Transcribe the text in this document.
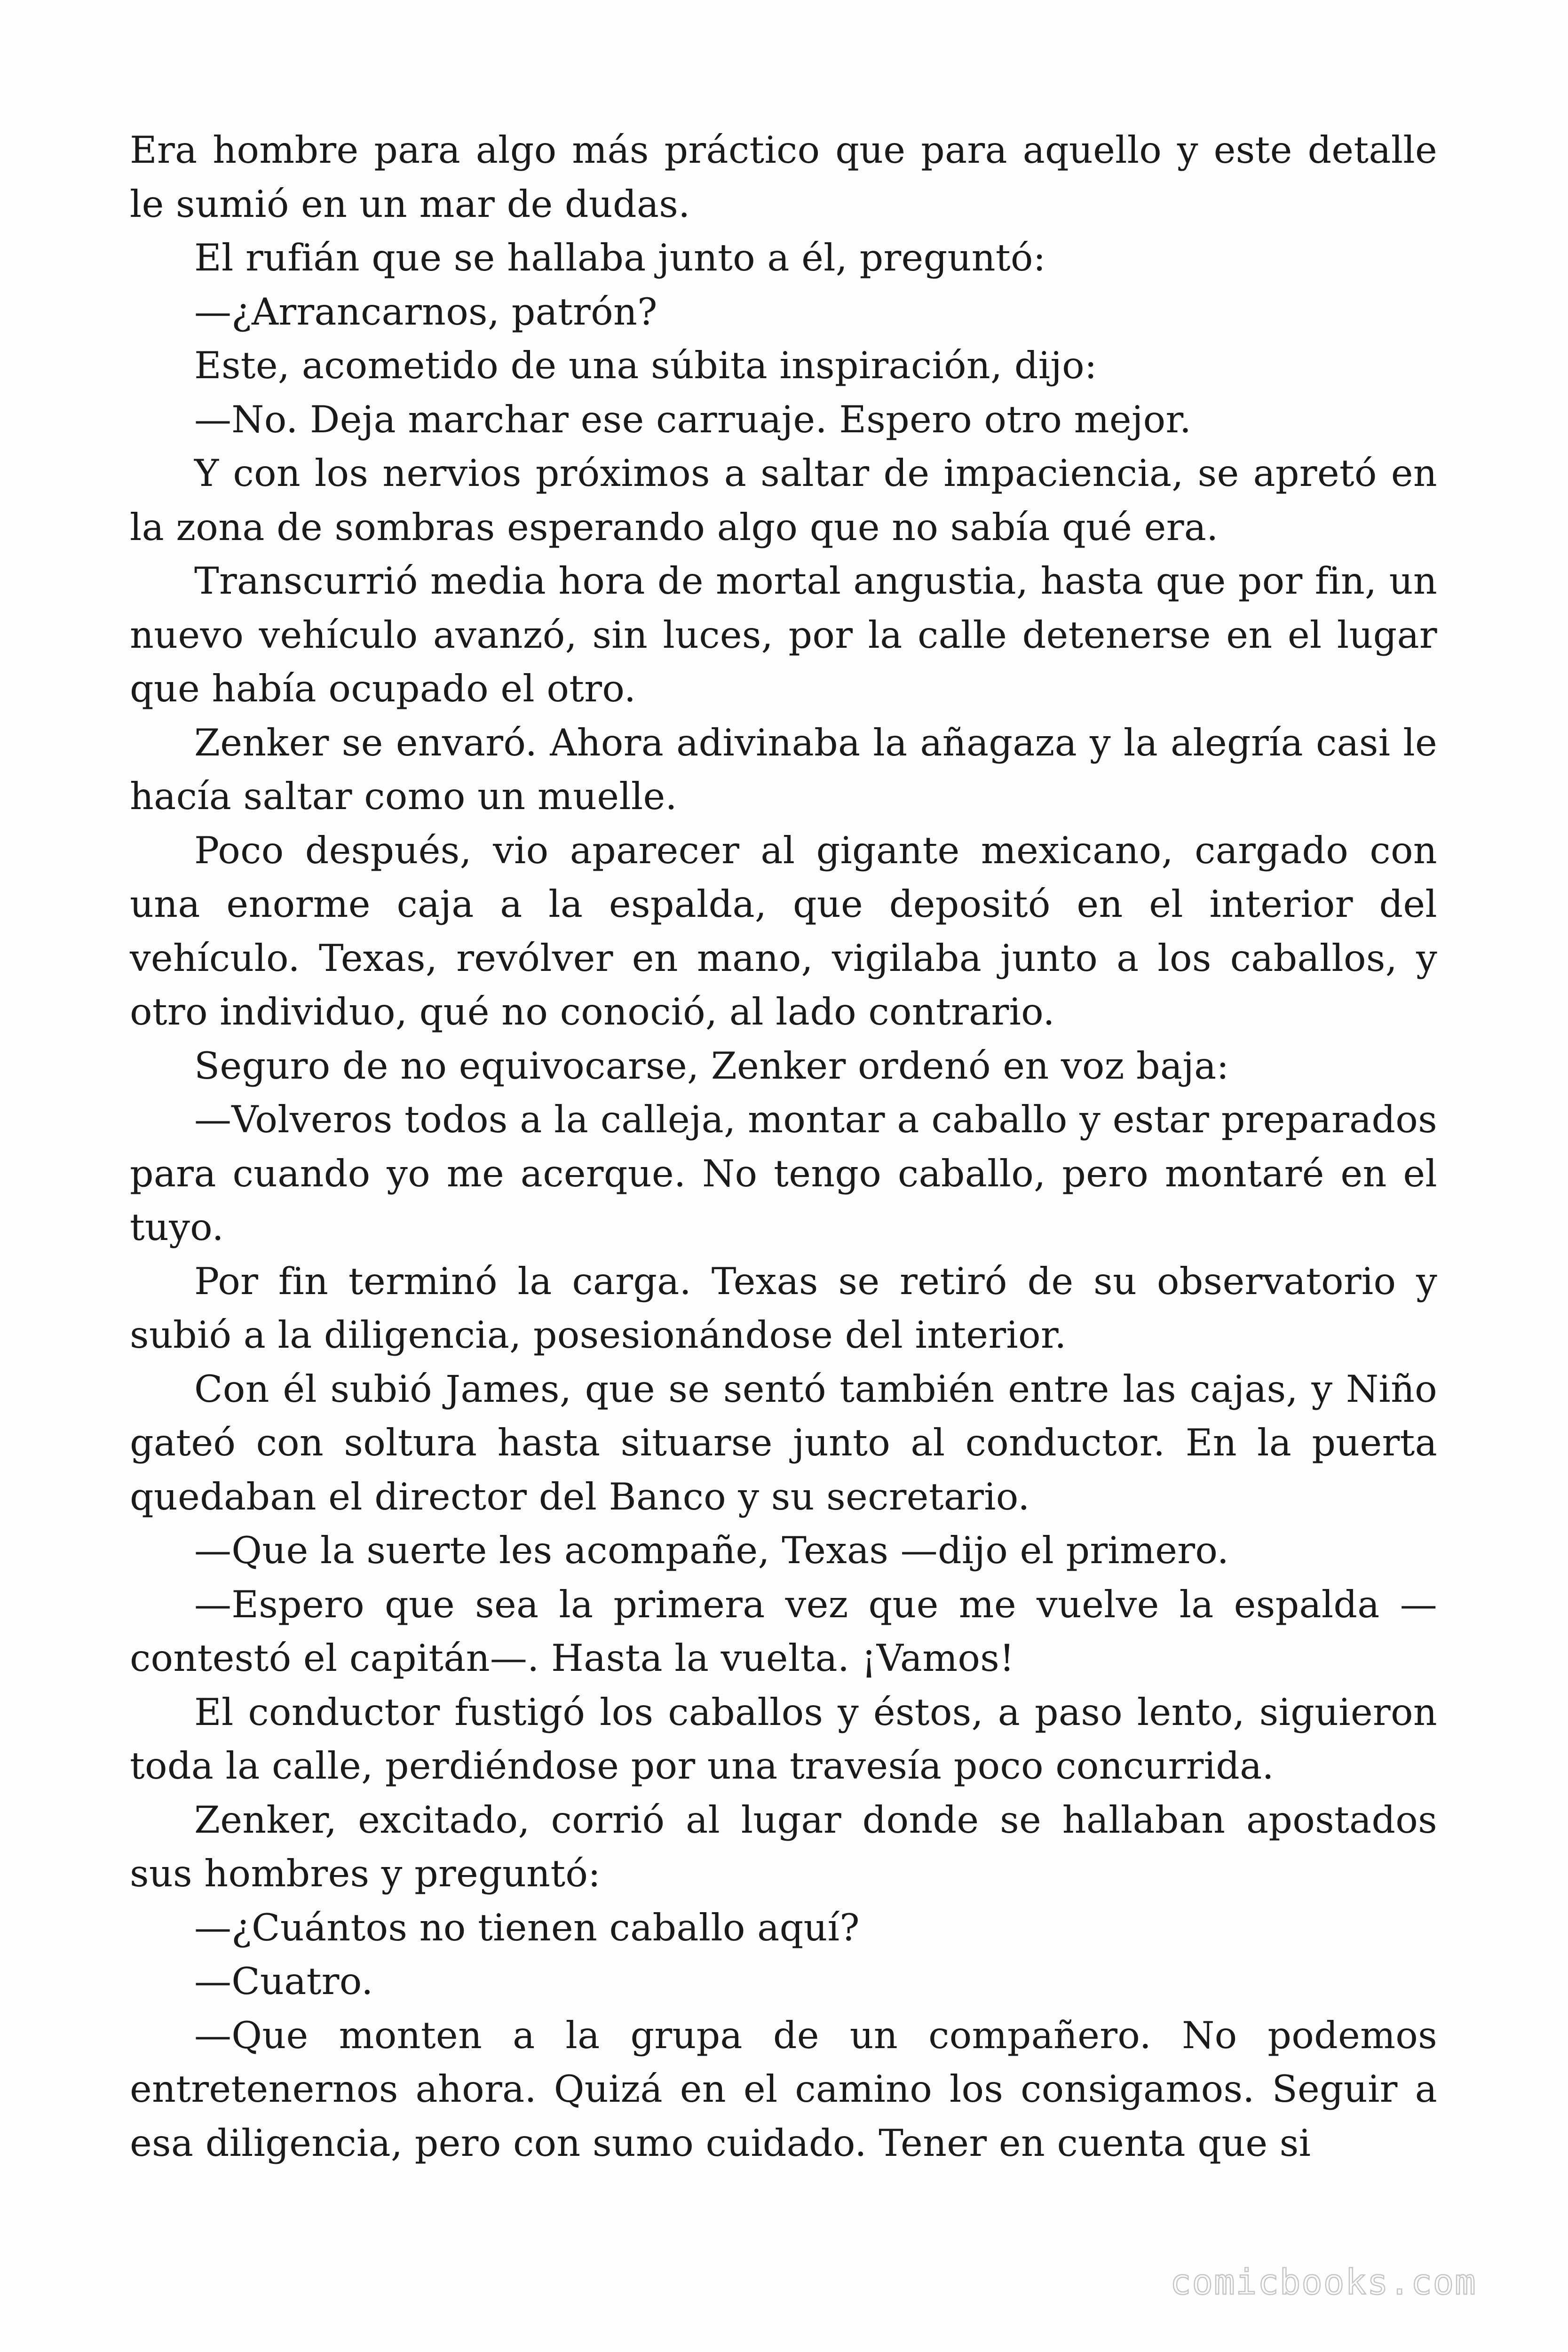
Era hombre para algo más práctico que para aquello y este detalle le sumió en un mar de dudas.

El rufián que se hallaba junto a él, preguntó:

—¿Arrancarnos, patrón?

Este, acometido de una súbita inspiración, dijo:

—No. Deja marchar ese carruaje. Espero otro mejor.

Y con los nervios próximos a saltar de impaciencia, se apretó en la zona de sombras esperando algo que no sabía qué era.

Transcurrió media hora de mortal angustia, hasta que por fin, un nuevo vehículo avanzó, sin luces, por la calle detenerse en el lugar que había ocupado el otro.

Zenker se envaró. Ahora adivinaba la añagaza y la alegría casi le hacía saltar como un muelle.

Poco después, vio aparecer al gigante mexicano, cargado con una enorme caja a la espalda, que depositó en el interior del vehículo. Texas, revólver en mano, vigilaba junto a los caballos, y otro individuo, qué no conoció, al lado contrario.

Seguro de no equivocarse, Zenker ordenó en voz baja:

—Volveros todos a la calleja, montar a caballo y estar preparados para cuando yo me acerque. No tengo caballo, pero montaré en el tuyo.

Por fin terminó la carga. Texas se retiró de su observatorio y subió a la diligencia, posesionándose del interior.

Con él subió James, que se sentó también entre las cajas, y Niño gateó con soltura hasta situarse junto al conductor. En la puerta quedaban el director del Banco y su secretario.

—Que la suerte les acompañe, Texas —dijo el primero.

—Espero que sea la primera vez que me vuelve la espalda —contestó el capitán—. Hasta la vuelta. ¡Vamos!

El conductor fustigó los caballos y éstos, a paso lento, siguieron toda la calle, perdiéndose por una travesía poco concurrida.

Zenker, excitado, corrió al lugar donde se hallaban apostados sus hombres y preguntó:

—¿Cuántos no tienen caballo aquí?

—Cuatro.

—Que monten a la grupa de un compañero. No podemos entretenernos ahora. Quizá en el camino los consigamos. Seguir a esa diligencia, pero con sumo cuidado. Tener en cuenta que si

comicbooks.com
